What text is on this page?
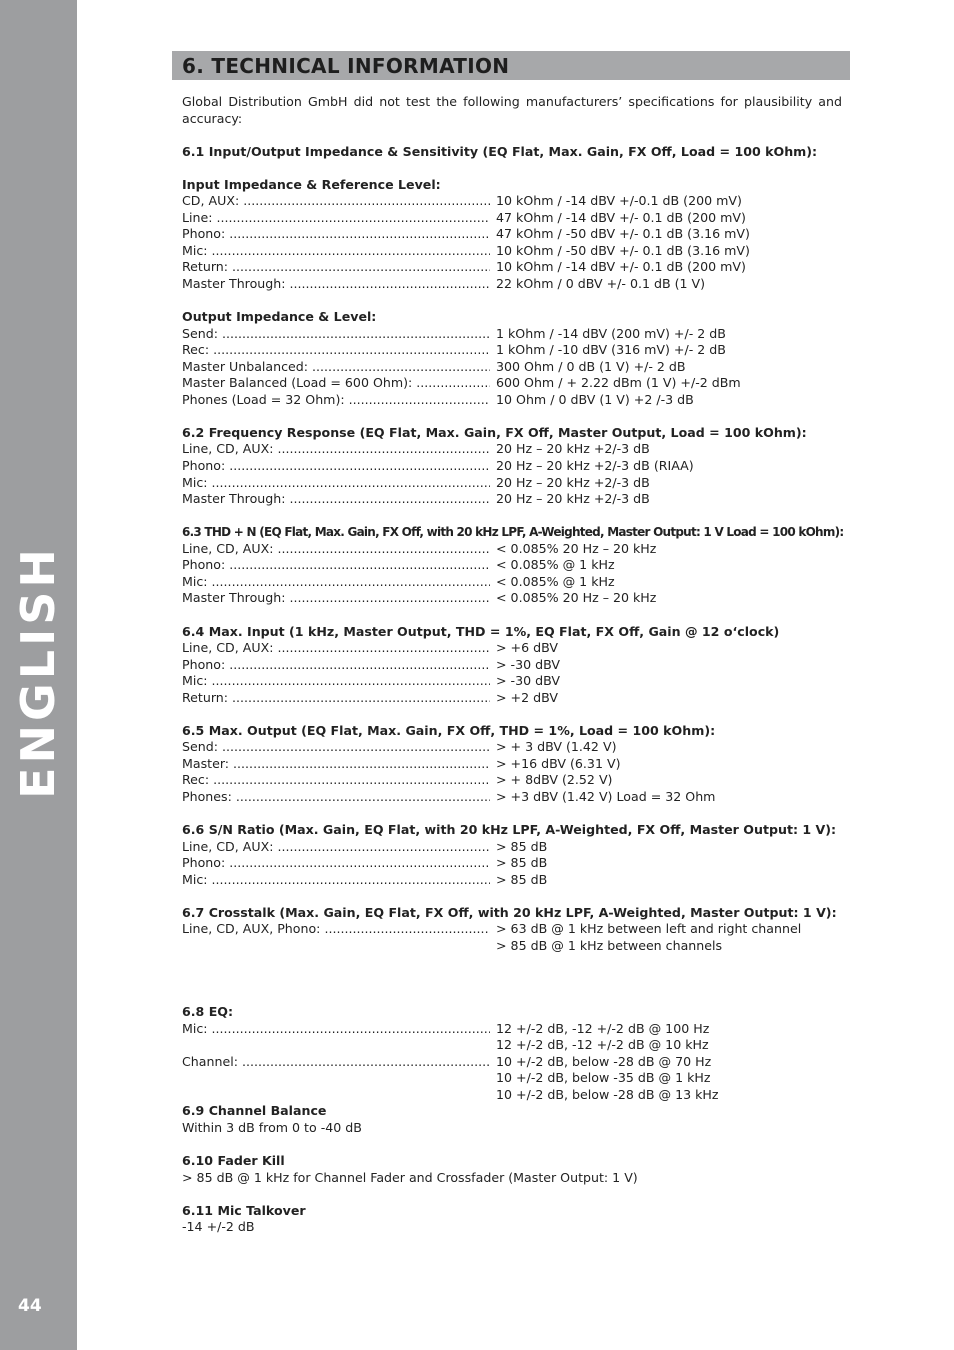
ENGLISH
44
6. TECHNICAL INFORMATION

Global Distribution GmbH did not test the following manufacturers’ specifications for plausibility and accuracy:

6.1 Input/Output Impedance & Sensitivity (EQ Flat, Max. Gain, FX Off, Load = 100 kOhm):
Input Impedance & Reference Level:
CD, AUX: .....	10 kOhm / -14 dBV +/-0.1 dB (200 mV)
Line: .....	47 kOhm / -14 dBV +/- 0.1 dB (200 mV)
Phono: .....	47 kOhm / -50 dBV +/- 0.1 dB (3.16 mV)
Mic: .....	10 kOhm / -50 dBV +/- 0.1 dB (3.16 mV)
Return: .....	10 kOhm / -14 dBV +/- 0.1 dB (200 mV)
Master Through: .....	22 kOhm / 0 dBV +/- 0.1 dB (1 V)
Output Impedance & Level:
Send: .....	1 kOhm / -14 dBV (200 mV) +/- 2 dB
Rec: .....	1 kOhm / -10 dBV (316 mV) +/- 2 dB
Master Unbalanced: .....	300 Ohm / 0 dB (1 V) +/- 2 dB
Master Balanced (Load = 600 Ohm): .....	600 Ohm / + 2.22 dBm (1 V) +/-2 dBm
Phones (Load = 32 Ohm): .....	10 Ohm / 0 dBV (1 V) +2 /-3 dB
6.2 Frequency Response (EQ Flat, Max. Gain, FX Off, Master Output, Load = 100 kOhm):
Line, CD, AUX: .....	20 Hz – 20 kHz +2/-3 dB
Phono: .....	20 Hz – 20 kHz +2/-3 dB (RIAA)
Mic: .....	20 Hz – 20 kHz +2/-3 dB
Master Through: .....	20 Hz – 20 kHz +2/-3 dB
6.3 THD + N (EQ Flat, Max. Gain, FX Off, with 20 kHz LPF, A-Weighted, Master Output: 1 V Load = 100 kOhm):
Line, CD, AUX: .....	< 0.085% 20 Hz – 20 kHz
Phono: .....	< 0.085% @ 1 kHz
Mic: .....	< 0.085% @ 1 kHz
Master Through: .....	< 0.085% 20 Hz – 20 kHz
6.4 Max. Input (1 kHz, Master Output, THD = 1%, EQ Flat, FX Off, Gain @ 12 o‘clock)
Line, CD, AUX: .....	> +6 dBV
Phono: .....	> -30 dBV
Mic: .....	> -30 dBV
Return: .....	> +2 dBV
6.5 Max. Output (EQ Flat, Max. Gain, FX Off, THD = 1%, Load = 100 kOhm):
Send: .....	> + 3 dBV (1.42 V)
Master: .....	> +16 dBV (6.31 V)
Rec: .....	> + 8dBV (2.52 V)
Phones: .....	> +3 dBV (1.42 V) Load = 32 Ohm
6.6 S/N Ratio (Max. Gain, EQ Flat, with 20 kHz LPF, A-Weighted, FX Off, Master Output: 1 V):
Line, CD, AUX: .....	> 85 dB
Phono: .....	> 85 dB
Mic: .....	> 85 dB
6.7 Crosstalk (Max. Gain, EQ Flat, FX Off, with 20 kHz LPF, A-Weighted, Master Output: 1 V):
Line, CD, AUX, Phono: .....	> 63 dB @ 1 kHz between left and right channel
> 85 dB @ 1 kHz between channels
6.8 EQ:
Mic: .....	12 +/-2 dB, -12 +/-2 dB @ 100 Hz
12 +/-2 dB, -12 +/-2 dB @ 10 kHz
Channel: .....	10 +/-2 dB, below -28 dB @ 70 Hz
10 +/-2 dB, below -35 dB @ 1 kHz
10 +/-2 dB, below -28 dB @ 13 kHz
6.9 Channel Balance
Within 3 dB from 0 to -40 dB
6.10 Fader Kill
> 85 dB @ 1 kHz for Channel Fader and Crossfader (Master Output: 1 V)
6.11 Mic Talkover
-14 +/-2 dB
